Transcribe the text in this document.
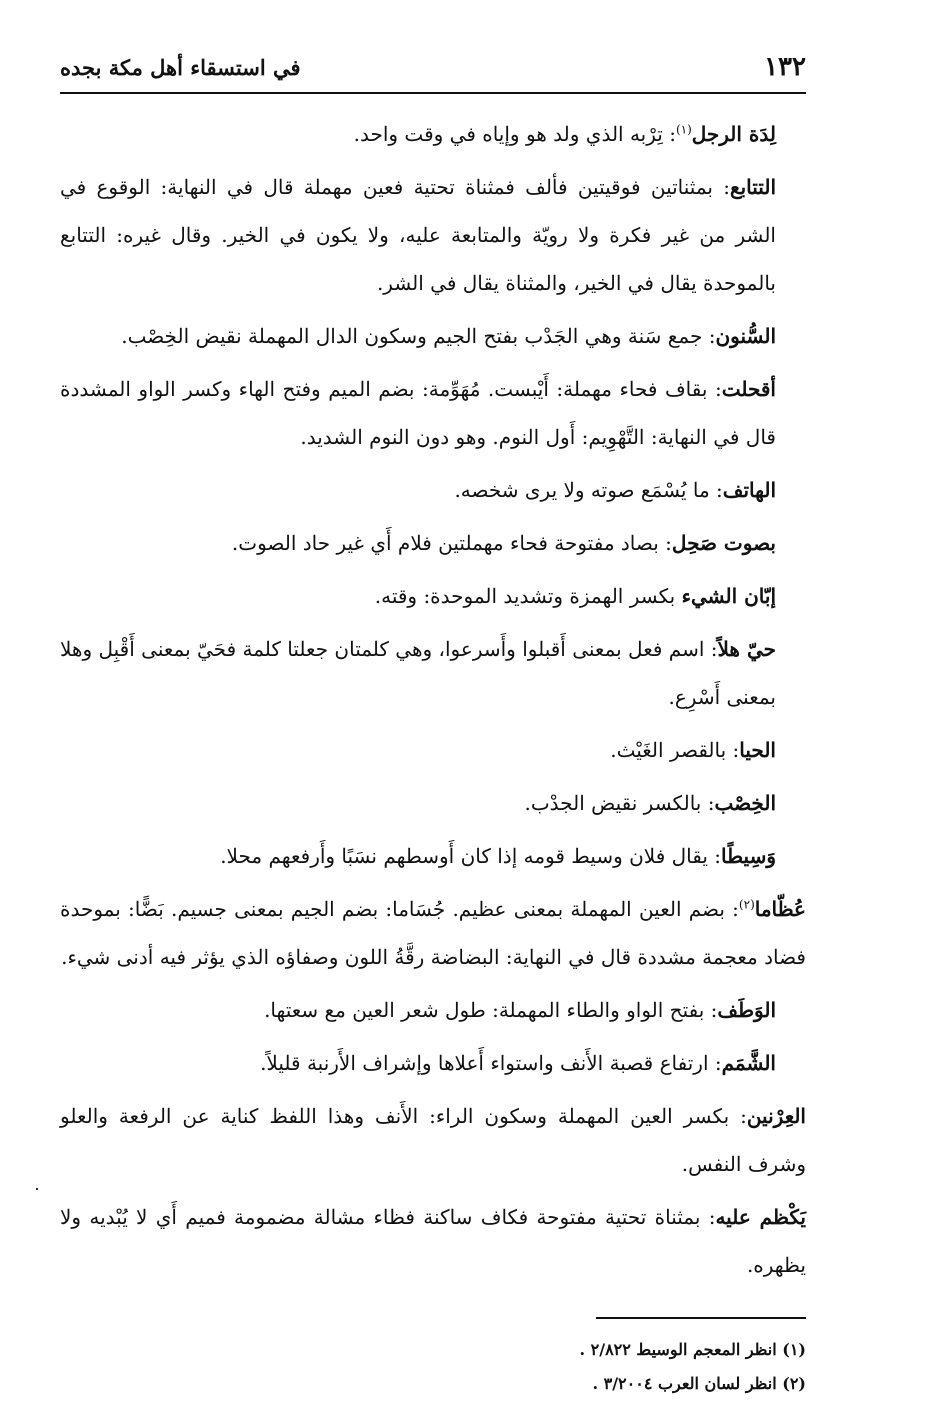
١٣٢
في استسقاء أهل مكة بجده

لِدَة الرجل$^{(١)}$: تِرْبه الذي ولد هو وإياه في وقت واحد.

التتابع: بمثناتين فوقيتين فألف فمثناة تحتية فعين مهملة قال في النهاية: الوقوع في الشر من غير فكرة ولا رويّة والمتابعة عليه، ولا يكون في الخير. وقال غيره: التتابع بالموحدة يقال في الخير، والمثناة يقال في الشر.

السُّنون: جمع سَنة وهي الجَدْب بفتح الجيم وسكون الدال المهملة نقيض الخِصْب.

أقحلت: بقاف فحاء مهملة: أَيْبست. مُهَوِّمة: بضم الميم وفتح الهاء وكسر الواو المشددة قال في النهاية: التَّهْوِيم: أَول النوم. وهو دون النوم الشديد.

الهاتف: ما يُسْمَع صوته ولا يرى شخصه.

بصوت صَحِل: بصاد مفتوحة فحاء مهملتين فلام أَي غير حاد الصوت.

إبّان الشيء بكسر الهمزة وتشديد الموحدة: وقته.

حيّ هلاً: اسم فعل بمعنى أَقبلوا وأَسرعوا، وهي كلمتان جعلتا كلمة فحَيّ بمعنى أَقْبِل وهلا بمعنى أَسْرِع.

الحيا: بالقصر الغَيْث.

الخِصْب: بالكسر نقيض الجدْب.

وَسِيطًا: يقال فلان وسيط قومه إذا كان أَوسطهم نسَبًا وأَرفعهم محلا.

عُظّاما$^{(٢)}$: بضم العين المهملة بمعنى عظيم. جُسَاما: بضم الجيم بمعنى جسيم. بَضًّا: بموحدة فضاد معجمة مشددة قال في النهاية: البضاضة رقَّةُ اللون وصفاؤه الذي يؤثر فيه أدنى شيء.

الوَطَف: بفتح الواو والطاء المهملة: طول شعر العين مع سعتها.

الشَّمَم: ارتفاع قصبة الأَنف واستواء أَعلاها وإشراف الأَرنبة قليلاً.

العِرْنين: بكسر العين المهملة وسكون الراء: الأَنف وهذا اللفظ كناية عن الرفعة والعلو وشرف النفس.

يَكْظم عليه: بمثناة تحتية مفتوحة فكاف ساكنة فظاء مشالة مضمومة فميم أَي لا يُبْديه ولا يظهره.

(١) انظر المعجم الوسيط ٢/٨٢٢ .

(٢) انظر لسان العرب ٣/٢٠٠٤ .
